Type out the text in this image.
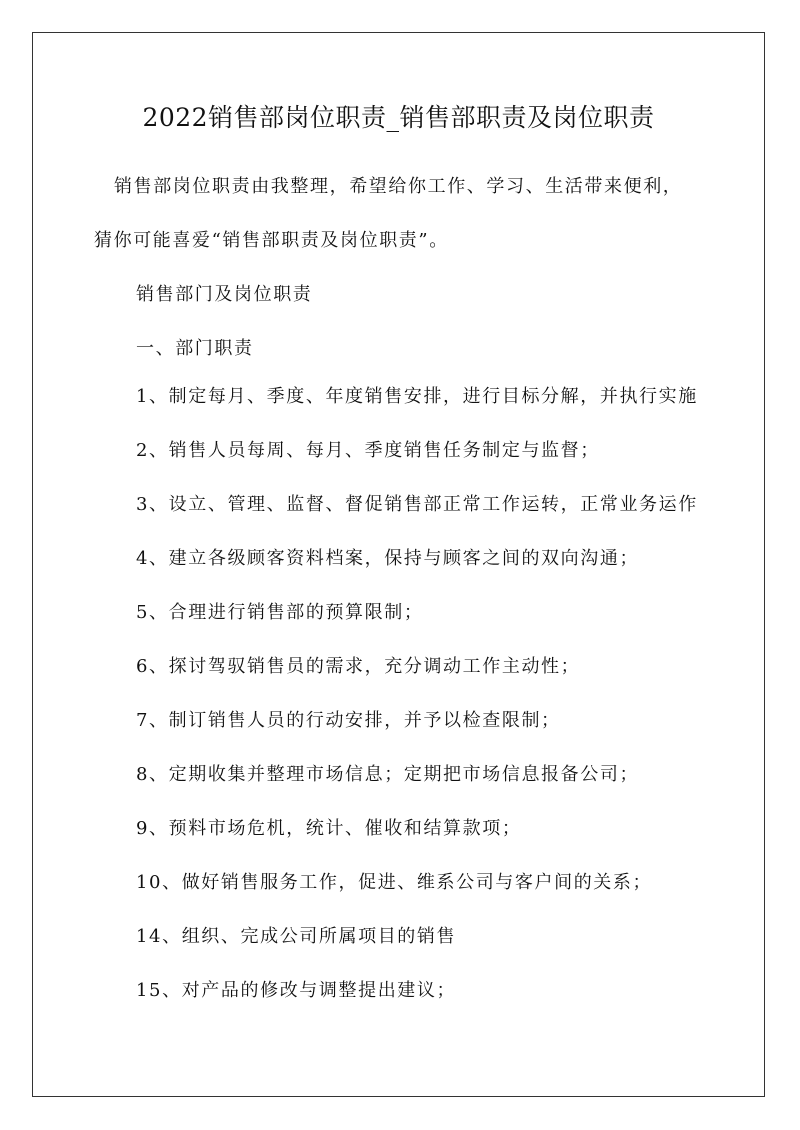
2022销售部岗位职责_销售部职责及岗位职责
销售部岗位职责由我整理，希望给你工作、学习、生活带来便利，
猜你可能喜爱“销售部职责及岗位职责”。
销售部门及岗位职责
一、部门职责
1、制定每月、季度、年度销售安排，进行目标分解，并执行实施
2、销售人员每周、每月、季度销售任务制定与监督；
3、设立、管理、监督、督促销售部正常工作运转，正常业务运作
4、建立各级顾客资料档案，保持与顾客之间的双向沟通；
5、合理进行销售部的预算限制；
6、探讨驾驭销售员的需求，充分调动工作主动性；
7、制订销售人员的行动安排，并予以检查限制；
8、定期收集并整理市场信息；定期把市场信息报备公司；
9、预料市场危机，统计、催收和结算款项；
10、做好销售服务工作，促进、维系公司与客户间的关系；
14、组织、完成公司所属项目的销售
15、对产品的修改与调整提出建议；
